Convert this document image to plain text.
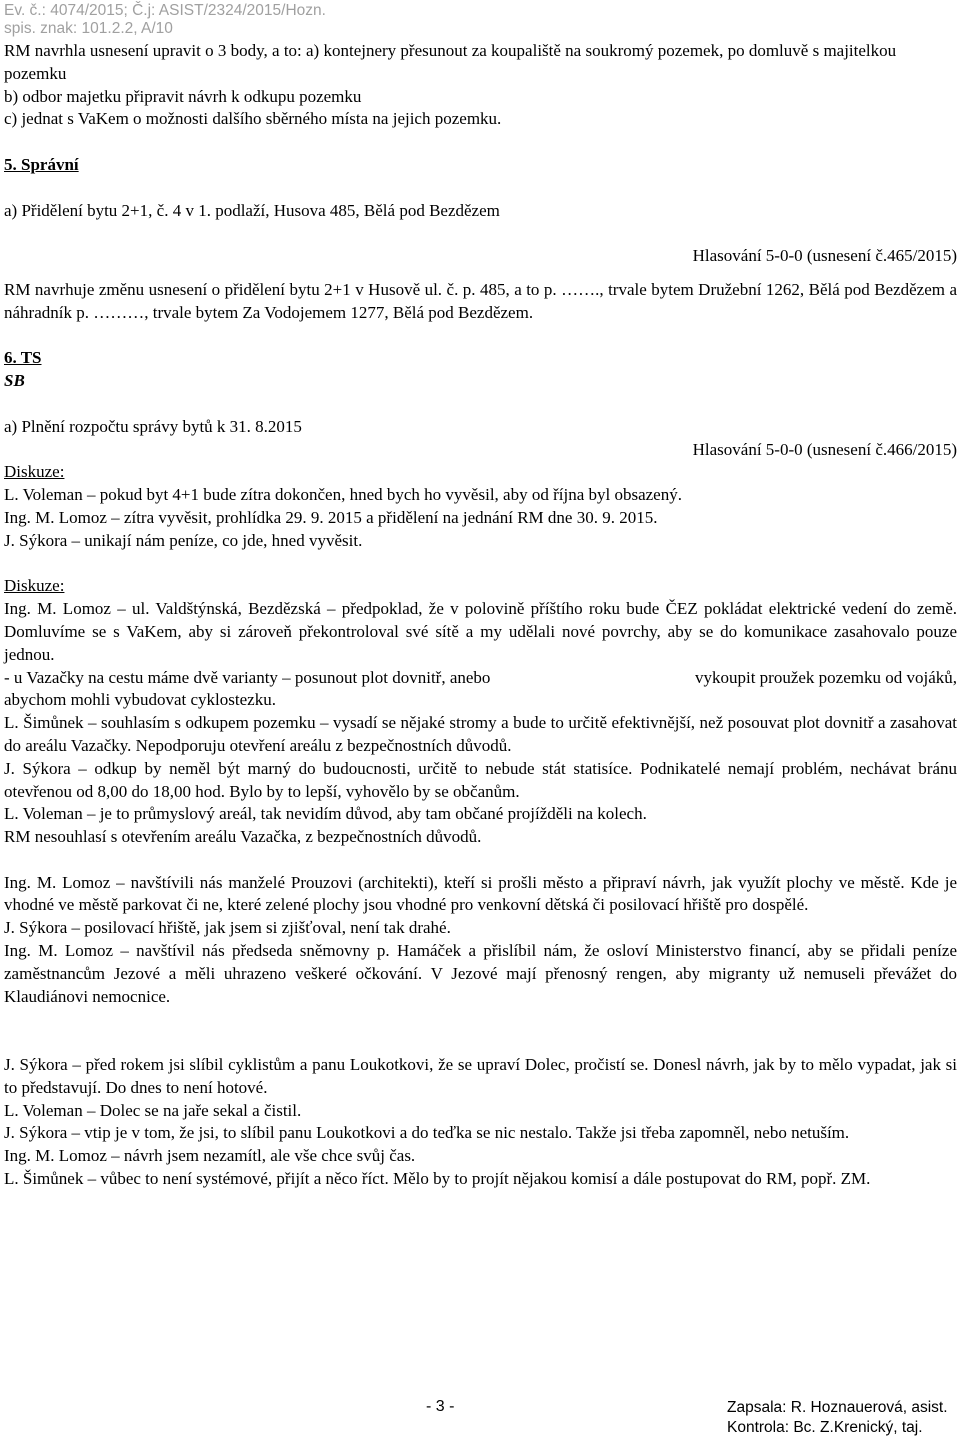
Ev. č.: 4074/2015; Č.j: ASIST/2324/2015/Hozn.
spis. znak: 101.2.2, A/10

RM navrhla usnesení upravit o 3 body, a to: a) kontejnery přesunout za koupaliště na soukromý pozemek, po domluvě s majitelkou pozemku

b) odbor majetku připravit návrh k odkupu pozemku

c) jednat s VaKem o možnosti dalšího sběrného místa na jejich pozemku.

5. Správní

a) Přidělení bytu 2+1, č. 4 v 1. podlaží, Husova 485, Bělá pod Bezdězem

Hlasování 5-0-0 (usnesení č.465/2015)

RM navrhuje změnu usnesení o přidělení bytu 2+1 v Husově ul. č. p. 485, a to p. ……., trvale bytem Družební 1262, Bělá pod Bezdězem a náhradník p. ………, trvale bytem Za Vodojemem 1277, Bělá pod Bezdězem.

6. TS

SB

a) Plnění rozpočtu správy bytů k 31. 8.2015

Hlasování 5-0-0 (usnesení č.466/2015)

Diskuze:

L. Voleman – pokud byt 4+1 bude zítra dokončen, hned bych ho vyvěsil, aby od října byl obsazený.

Ing. M. Lomoz – zítra vyvěsit, prohlídka 29. 9. 2015 a přidělení na jednání RM dne 30. 9. 2015.

J. Sýkora – unikají nám peníze, co jde, hned vyvěsit.

Diskuze:

Ing. M. Lomoz – ul. Valdštýnská, Bezdězská – předpoklad, že v polovině příštího roku bude ČEZ pokládat elektrické vedení do země. Domluvíme se s VaKem, aby si zároveň překontroloval své sítě a my udělali nové povrchy, aby se do komunikace zasahovalo pouze jednou.

- u Vazačky na cestu máme dvě varianty – posunout plot dovnitř, anebo	vykoupit proužek pozemku od vojáků,

abychom mohli vybudovat cyklostezku.

L. Šimůnek – souhlasím s odkupem pozemku – vysadí se nějaké stromy a bude to určitě efektivnější, než posouvat plot dovnitř a zasahovat do areálu Vazačky. Nepodporuju otevření areálu z bezpečnostních důvodů.

J. Sýkora – odkup by neměl být marný do budoucnosti, určitě to nebude stát statisíce. Podnikatelé nemají problém, nechávat bránu otevřenou od 8,00 do 18,00 hod. Bylo by to lepší, vyhovělo by se občanům.

L. Voleman – je to průmyslový areál, tak nevidím důvod, aby tam občané projížděli na kolech.

RM nesouhlasí s otevřením areálu Vazačka, z bezpečnostních důvodů.

Ing. M. Lomoz – navštívili nás manželé Prouzovi (architekti), kteří si prošli město a připraví návrh, jak využít plochy ve městě. Kde je vhodné ve městě parkovat či ne, které zelené plochy jsou vhodné pro venkovní dětská či posilovací hřiště pro dospělé.

J. Sýkora – posilovací hřiště, jak jsem si zjišťoval, není tak drahé.

Ing. M. Lomoz – navštívil nás předseda sněmovny p. Hamáček a přislíbil nám, že osloví Ministerstvo financí, aby se přidali peníze zaměstnancům Jezové a měli uhrazeno veškeré očkování. V Jezové mají přenosný rengen, aby migranty už nemuseli převážet do Klaudiánovi nemocnice.

J. Sýkora – před rokem jsi slíbil cyklistům a panu Loukotkovi, že se upraví Dolec, pročistí se. Donesl návrh, jak by to mělo vypadat, jak si to představují. Do dnes to není hotové.

L. Voleman – Dolec se na jaře sekal a čistil.

J. Sýkora – vtip je v tom, že jsi, to slíbil panu Loukotkovi a do teďka se nic nestalo. Takže jsi třeba zapomněl, nebo netuším.

Ing. M. Lomoz – návrh jsem nezamítl, ale vše chce svůj čas.

L. Šimůnek – vůbec to není systémové, přijít a něco říct. Mělo by to projít nějakou komisí a dále postupovat do RM, popř. ZM.

- 3 -	Zapsala: R. Hoznauerová, asist.
Kontrola: Bc. Z.Krenický, taj.
